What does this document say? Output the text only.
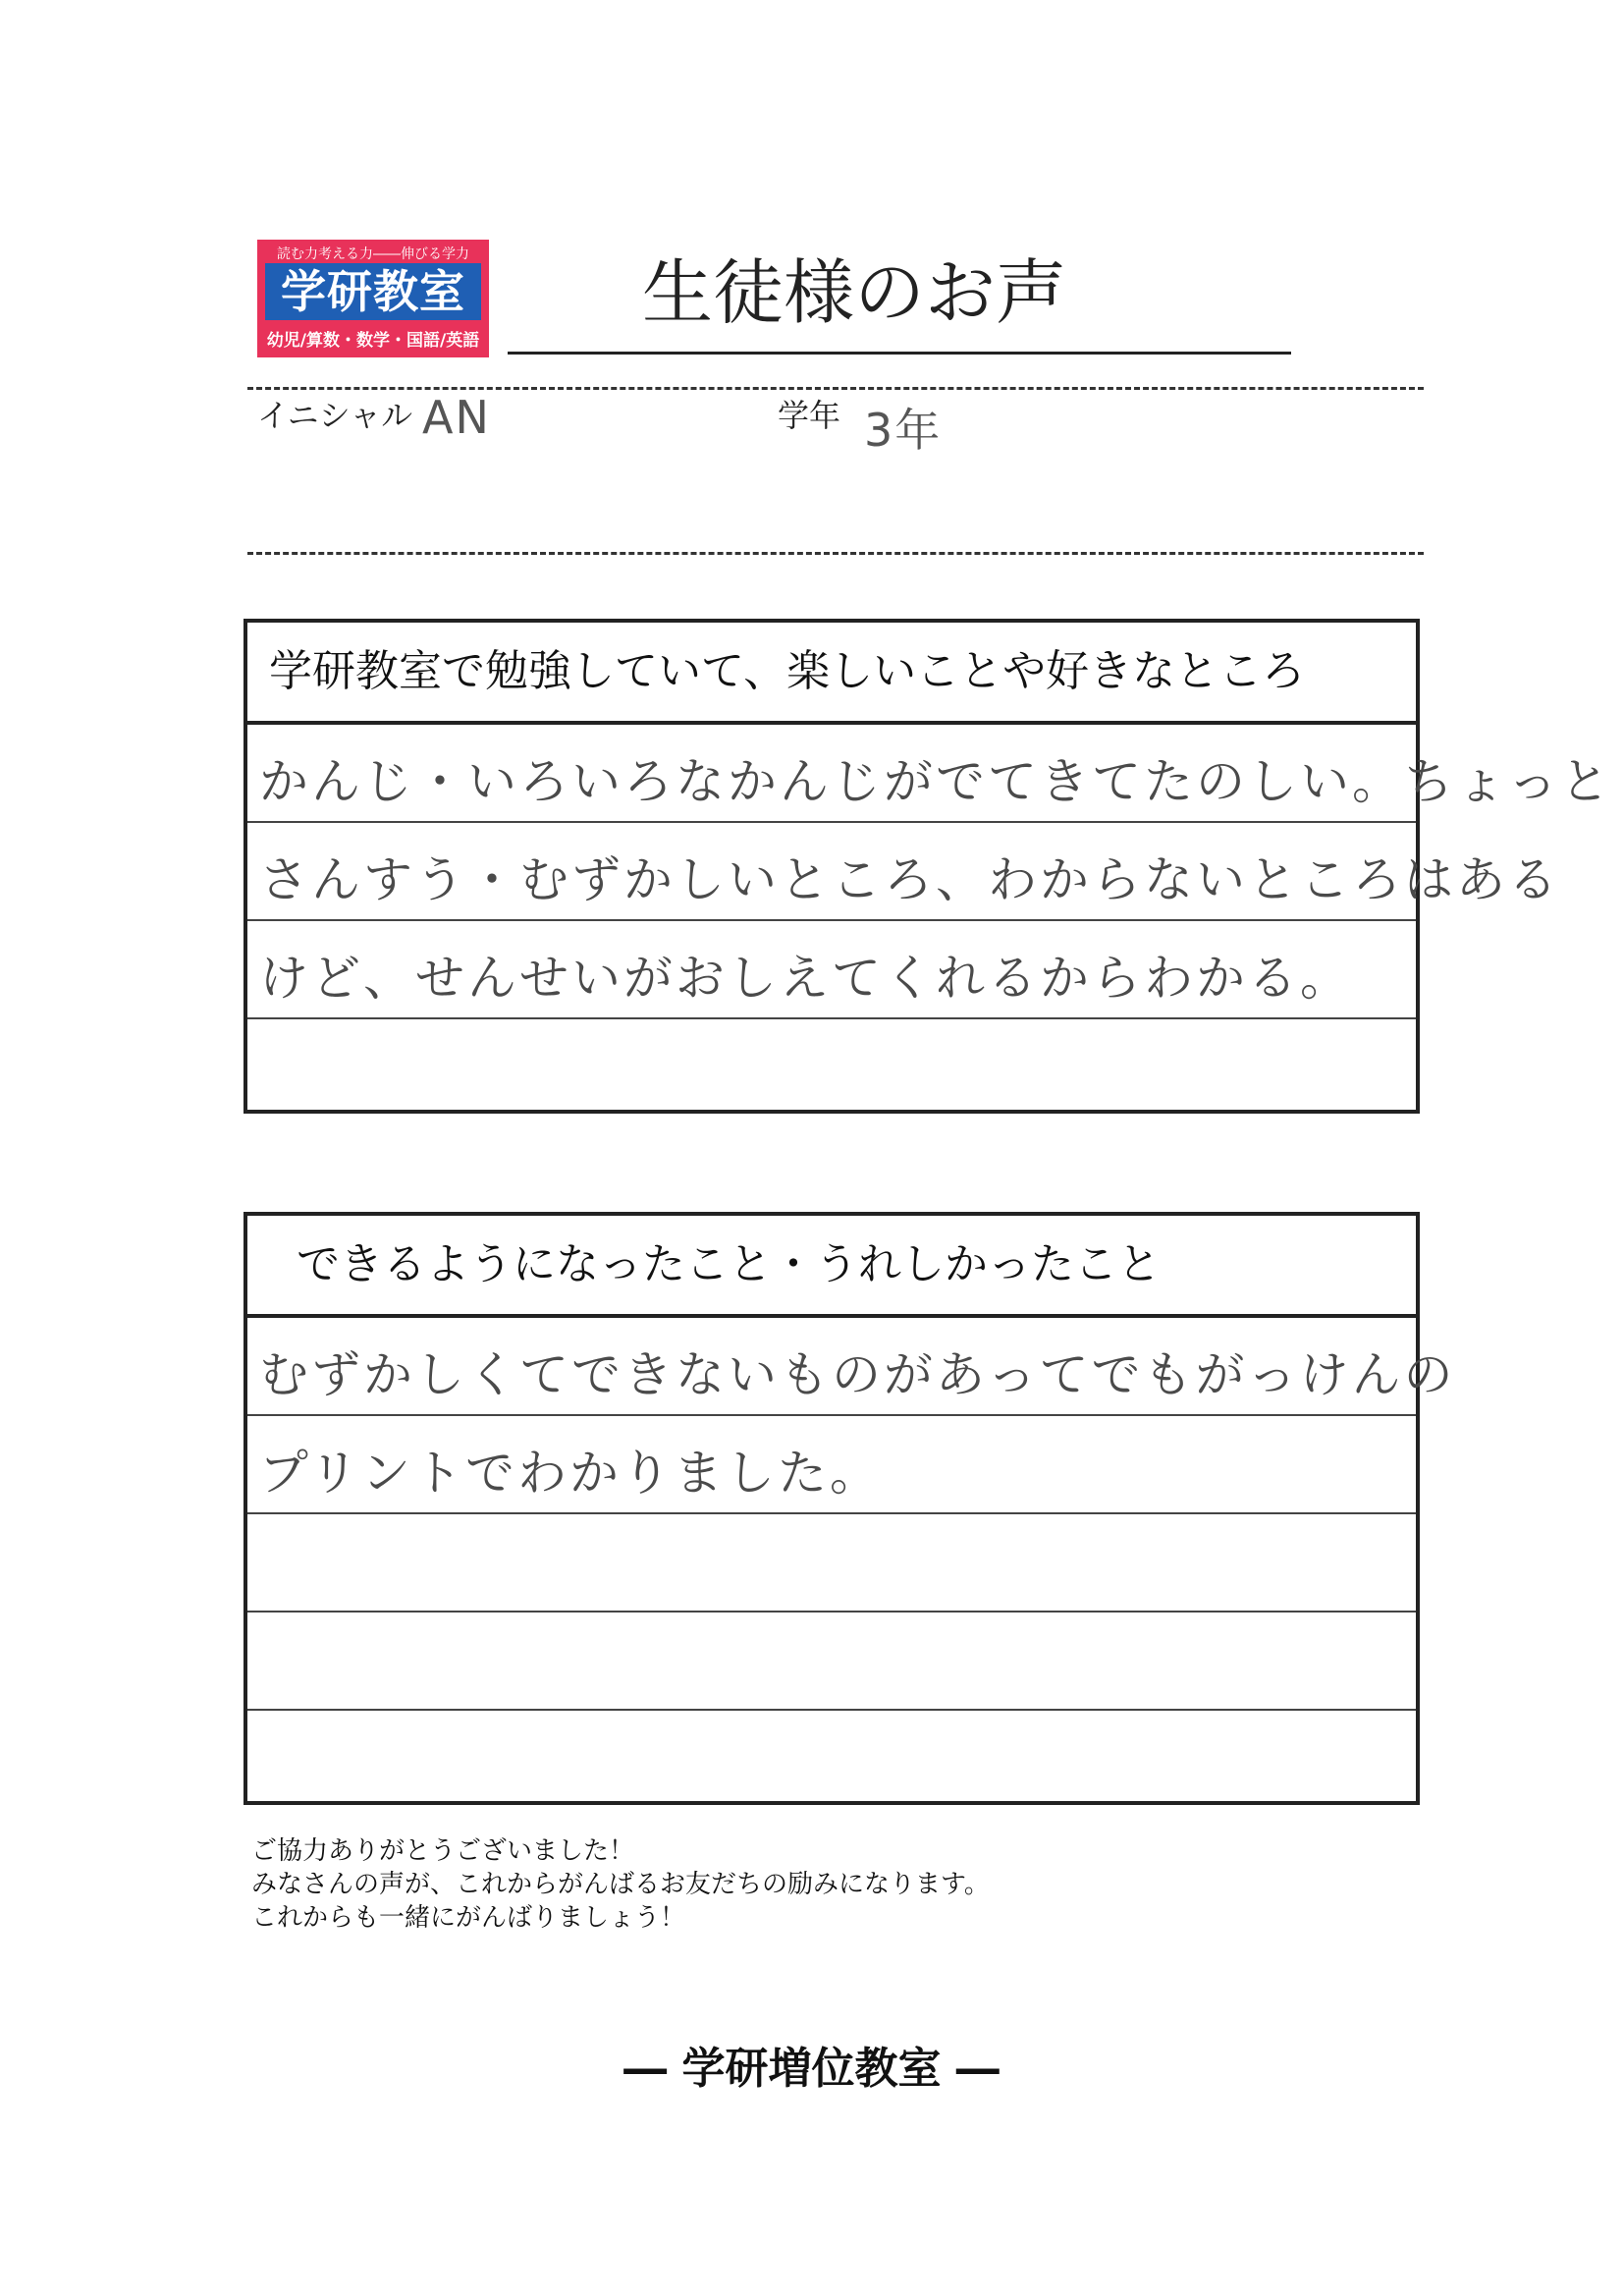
読む力考える力――伸びる学力
学研教室
幼児/算数・数学・国語/英語
生徒様のお声
イニシャル AN	学年 3年
学研教室で勉強していて、楽しいことや好きなところ
かんじ・いろいろなかんじがでてきてたのしい。ちょっと
さんすう・むずかしいところ、わからないところはある
けど、せんせいがおしえてくれるからわかる。
できるようになったこと・うれしかったこと
むずかしくてできないものがあってでもがっけんの
プリントでわかりました。
ご協力ありがとうございました！
みなさんの声が、これからがんばるお友だちの励みになります。
これからも一緒にがんばりましょう！
― 学研増位教室 ―
